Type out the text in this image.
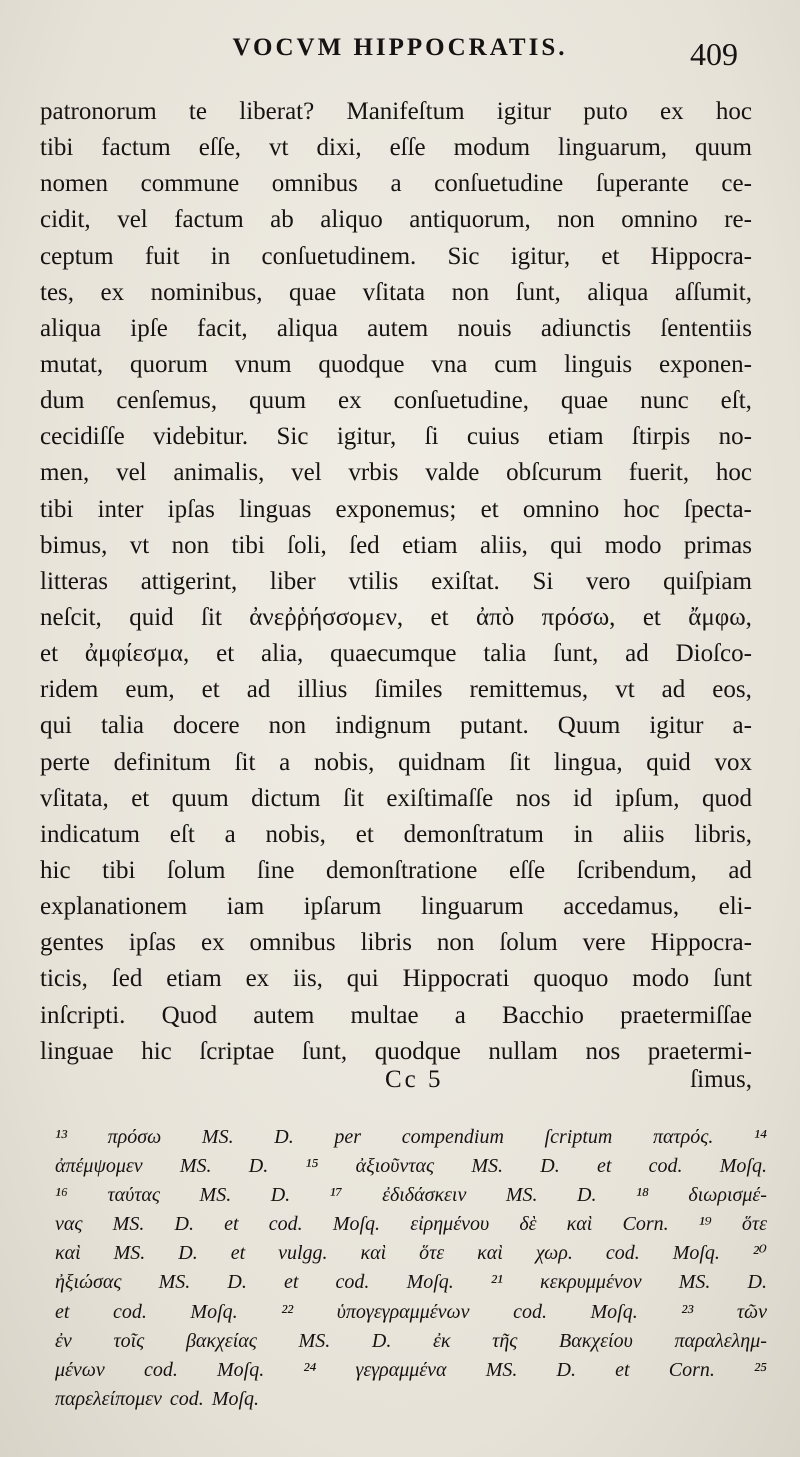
VOCVM HIPPOCRATIS.	409
patronorum te liberat? Manifeſtum igitur puto ex hoc
tibi factum eſſe, vt dixi, eſſe modum linguarum, quum
nomen commune omnibus a conſuetudine ſuperante ce-
cidit, vel factum ab aliquo antiquorum, non omnino re-
ceptum fuit in conſuetudinem. Sic igitur, et Hippocra-
tes, ex nominibus, quae vſitata non ſunt, aliqua aſſumit,
aliqua ipſe facit, aliqua autem nouis adiunctis ſententiis
mutat, quorum vnum quodque vna cum linguis exponen-
dum cenſemus, quum ex conſuetudine, quae nunc eſt,
cecidiſſe videbitur. Sic igitur, ſi cuius etiam ſtirpis no-
men, vel animalis, vel vrbis valde obſcurum fuerit, hoc
tibi inter ipſas linguas exponemus; et omnino hoc ſpecta-
bimus, vt non tibi ſoli, ſed etiam aliis, qui modo primas
litteras attigerint, liber vtilis exiſtat. Si vero quiſpiam
neſcit, quid ſit ἀνεῤῥήσσομεν, et ἀπὸ πρόσω, et ἄμφω,
et ἀμφίεσμα, et alia, quaecumque talia ſunt, ad Dioſco-
ridem eum, et ad illius ſimiles remittemus, vt ad eos,
qui talia docere non indignum putant. Quum igitur a-
perte definitum ſit a nobis, quidnam ſit lingua, quid vox
vſitata, et quum dictum ſit exiſtimaſſe nos id ipſum, quod
indicatum eſt a nobis, et demonſtratum in aliis libris,
hic tibi ſolum ſine demonſtratione eſſe ſcribendum, ad
explanationem iam ipſarum linguarum accedamus, eli-
gentes ipſas ex omnibus libris non ſolum vere Hippocra-
ticis, ſed etiam ex iis, qui Hippocrati quoquo modo ſunt
inſcripti. Quod autem multae a Bacchio praetermiſſae
linguae hic ſcriptae ſunt, quodque nullam nos praetermi-
Cc 5	ſimus,
¹³ πρόσω MS. D. per compendium ſcriptum πατρός. ¹⁴
ἀπέμψομεν MS. D. ¹⁵ ἀξιοῦντας MS. D. et cod. Moſq.
¹⁶ ταύτας MS. D. ¹⁷ ἐδιδάσκειν MS. D. ¹⁸ διωρισμέ-
νας MS. D. et cod. Moſq. εἰρημένου δὲ καὶ Corn. ¹⁹ ὅτε
καὶ MS. D. et vulgg. καὶ ὅτε καὶ χωρ. cod. Moſq. ²⁰
ἠξιώσας MS. D. et cod. Moſq. ²¹ κεκρυμμένον MS. D.
et cod. Moſq. ²² ὑπογεγραμμένων cod. Moſq. ²³ τῶν
ἐν τοῖς βακχείας MS. D. ἐκ τῆς Βακχείου παραλελημ-
μένων cod. Moſq. ²⁴ γεγραμμένα MS. D. et Corn. ²⁵
παρελείπομεν cod. Moſq.
